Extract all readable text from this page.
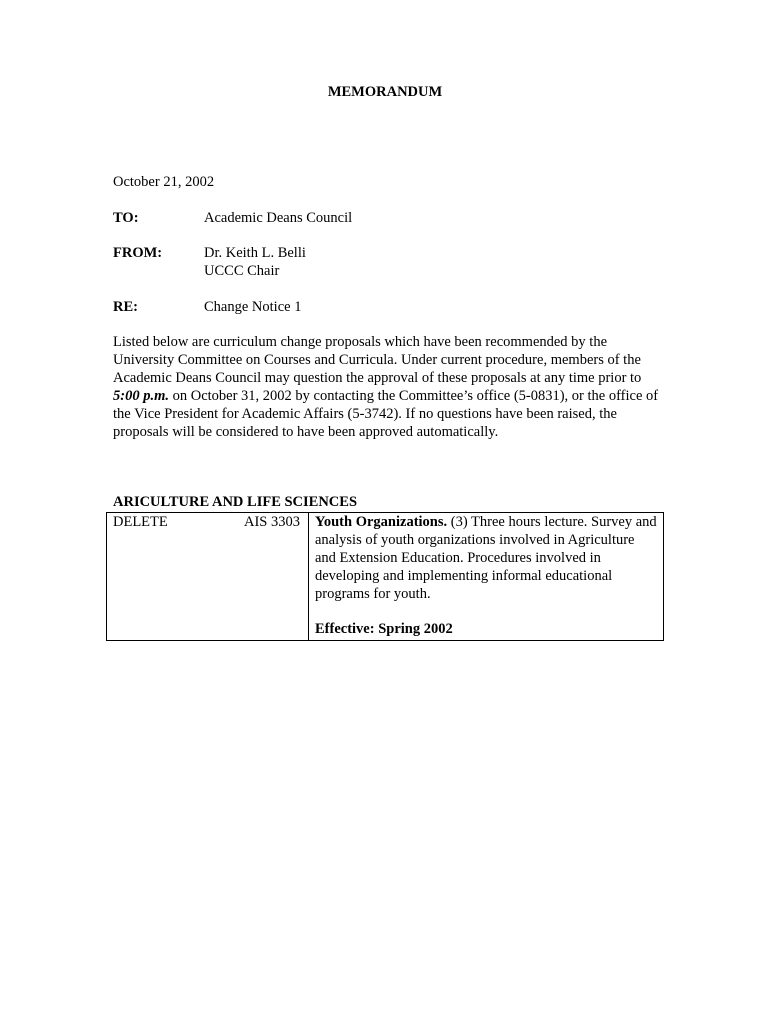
MEMORANDUM
October 21, 2002
TO:	Academic Deans Council
FROM:	Dr. Keith L. Belli
UCCC Chair
RE:	Change Notice 1
Listed below are curriculum change proposals which have been recommended by the University Committee on Courses and Curricula. Under current procedure, members of the Academic Deans Council may question the approval of these proposals at any time prior to 5:00 p.m. on October 31, 2002 by contacting the Committee’s office (5-0831), or the office of the Vice President for Academic Affairs (5-3742). If no questions have been raised, the proposals will be considered to have been approved automatically.
ARICULTURE AND LIFE SCIENCES
DELETE	AIS 3303	Youth Organizations. (3) Three hours lecture. Survey and analysis of youth organizations involved in Agriculture and Extension Education. Procedures involved in developing and implementing informal educational programs for youth.
Effective: Spring 2002
